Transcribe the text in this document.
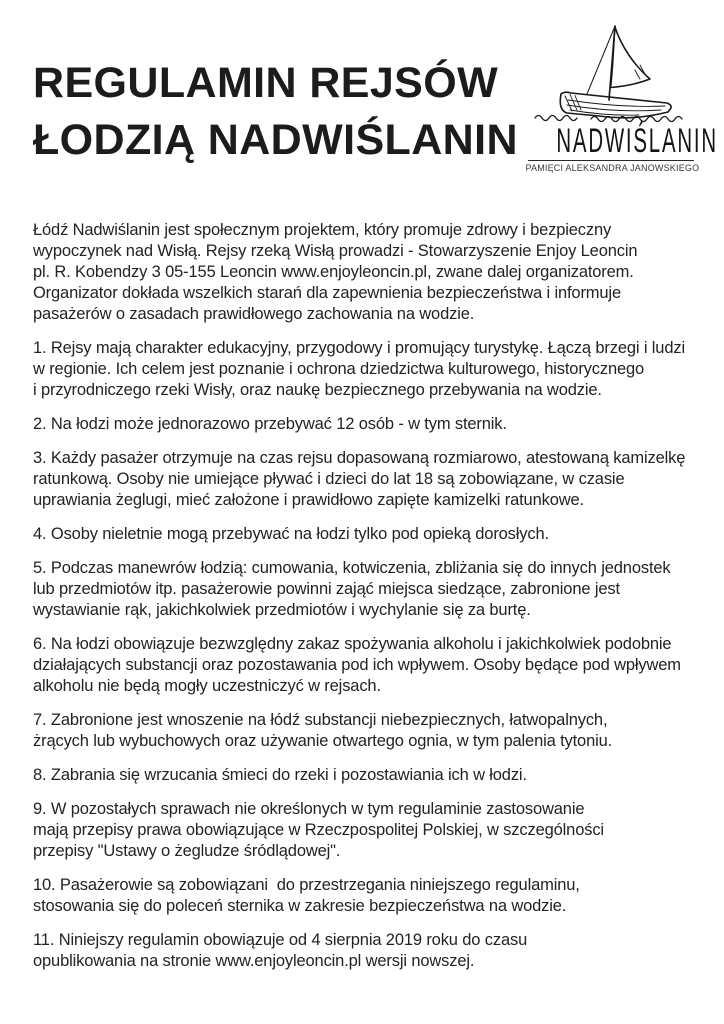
REGULAMIN REJSÓW
ŁODZIĄ NADWIŚLANIN NADWIŚLANIN
PAMIĘCI ALEKSANDRA JANOWSKIEGO

Łódź Nadwiślanin jest społecznym projektem, który promuje zdrowy i bezpieczny
wypoczynek nad Wisłą. Rejsy rzeką Wisłą prowadzi - Stowarzyszenie Enjoy Leoncin
pl. R. Kobendzy 3 05-155 Leoncin www.enjoyleoncin.pl, zwane dalej organizatorem.
Organizator dokłada wszelkich starań dla zapewnienia bezpieczeństwa i informuje
pasażerów o zasadach prawidłowego zachowania na wodzie.

1. Rejsy mają charakter edukacyjny, przygodowy i promujący turystykę. Łączą brzegi i ludzi
w regionie. Ich celem jest poznanie i ochrona dziedzictwa kulturowego, historycznego
i przyrodniczego rzeki Wisły, oraz naukę bezpiecznego przebywania na wodzie.

2. Na łodzi może jednorazowo przebywać 12 osób - w tym sternik.

3. Każdy pasażer otrzymuje na czas rejsu dopasowaną rozmiarowo, atestowaną kamizelkę
ratunkową. Osoby nie umiejące pływać i dzieci do lat 18 są zobowiązane, w czasie
uprawiania żeglugi, mieć założone i prawidłowo zapięte kamizelki ratunkowe.

4. Osoby nieletnie mogą przebywać na łodzi tylko pod opieką dorosłych.

5. Podczas manewrów łodzią: cumowania, kotwiczenia, zbliżania się do innych jednostek
lub przedmiotów itp. pasażerowie powinni zająć miejsca siedzące, zabronione jest
wystawianie rąk, jakichkolwiek przedmiotów i wychylanie się za burtę.

6. Na łodzi obowiązuje bezwzględny zakaz spożywania alkoholu i jakichkolwiek podobnie
działających substancji oraz pozostawania pod ich wpływem. Osoby będące pod wpływem
alkoholu nie będą mogły uczestniczyć w rejsach.

7. Zabronione jest wnoszenie na łódź substancji niebezpiecznych, łatwopalnych,
żrących lub wybuchowych oraz używanie otwartego ognia, w tym palenia tytoniu.

8. Zabrania się wrzucania śmieci do rzeki i pozostawiania ich w łodzi.

9. W pozostałych sprawach nie określonych w tym regulaminie zastosowanie
mają przepisy prawa obowiązujące w Rzeczpospolitej Polskiej, w szczególności
przepisy "Ustawy o żegludze śródlądowej".

10. Pasażerowie są zobowiązani  do przestrzegania niniejszego regulaminu,
stosowania się do poleceń sternika w zakresie bezpieczeństwa na wodzie.

11. Niniejszy regulamin obowiązuje od 4 sierpnia 2019 roku do czasu
opublikowania na stronie www.enjoyleoncin.pl wersji nowszej.
